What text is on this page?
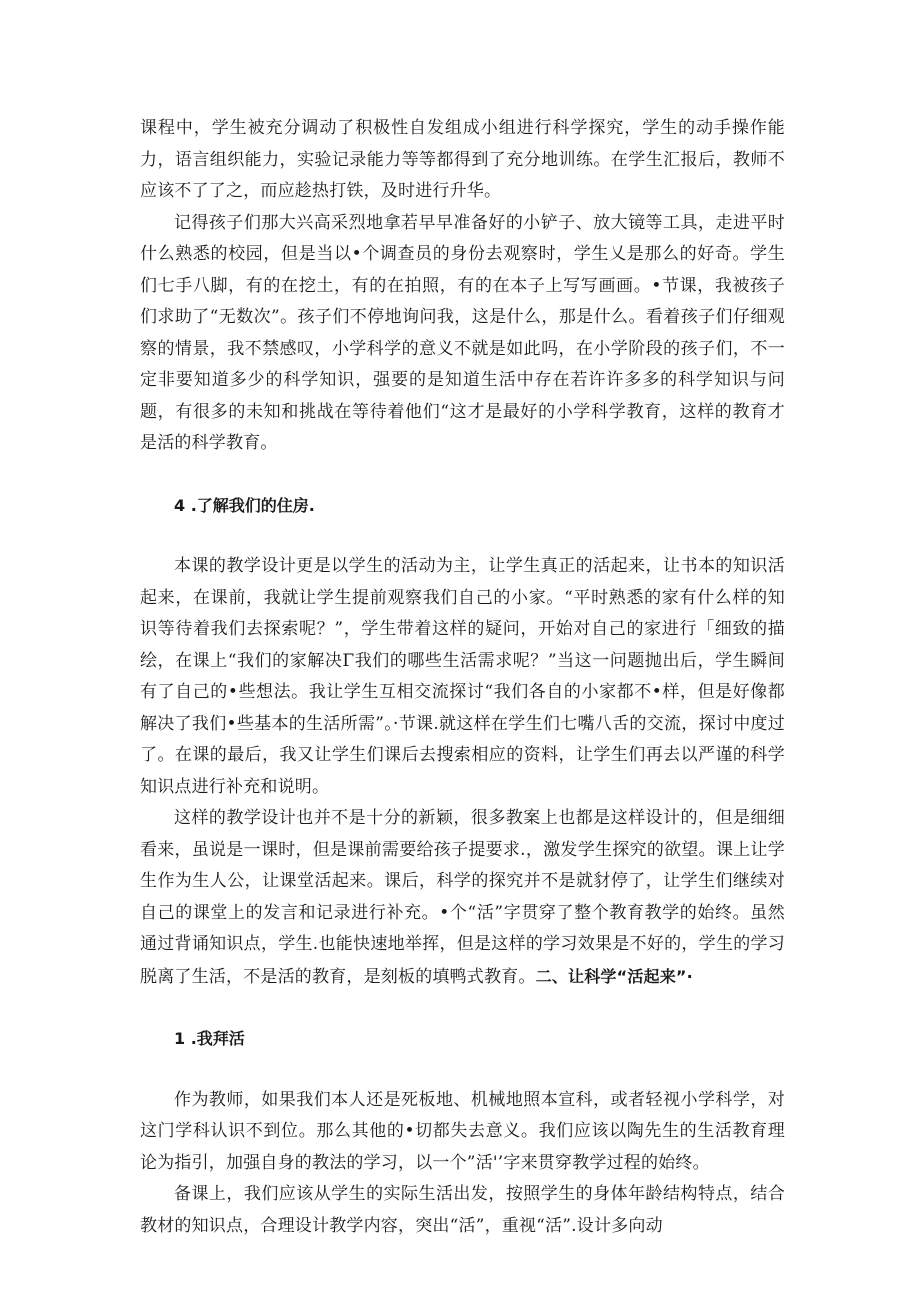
课程中，学生被充分调动了积极性自发组成小组进行科学探究，学生的动手操作能力，语言组织能力，实验记录能力等等都得到了充分地训练。在学生汇报后，教师不应该不了了之，而应趁热打铁，及时进行升华。

记得孩子们那大兴高采烈地拿若早早准备好的小铲子、放大镜等工具，走进平时什么熟悉的校园，但是当以•个调查员的身份去观察时，学生乂是那么的好奇。学生们七手八脚，有的在挖土，有的在拍照，有的在本子上写写画画。•节课，我被孩子们求助了“无数次”。孩子们不停地询问我，这是什么，那是什么。看着孩子们仔细观察的情景，我不禁感叹，小学科学的意义不就是如此吗，在小学阶段的孩子们，不一定非要知道多少的科学知识，强要的是知道生活中存在若许许多多的科学知识与问题，有很多的未知和挑战在等待着他们“这才是最好的小学科学教育，这样的教育才是活的科学教育。

4 .了解我们的住房.

本课的教学设计更是以学生的活动为主，让学生真正的活起来，让书本的知识活起来，在课前，我就让学生提前观察我们自己的小家。“平时熟悉的家有什么样的知识等待着我们去探索呢？”，学生带着这样的疑问，开始对自己的家进行「细致的描绘，在课上“我们的家解决Γ我们的哪些生活需求呢？”当这一问题抛出后，学生瞬间有了自己的•些想法。我让学生互相交流探讨“我们各自的小家都不•样，但是好像都解决了我们•些基本的生活所需”。·节课.就这样在学生们七嘴八舌的交流，探讨中度过了。在课的最后，我又让学生们课后去搜索相应的资料，让学生们再去以严谨的科学知识点进行补充和说明。

这样的教学设计也并不是十分的新颖，很多教案上也都是这样设计的，但是细细看来，虽说是一课时，但是课前需要给孩子提要求.，激发学生探究的欲望。课上让学生作为生人公，让课堂活起来。课后，科学的探究并不是就豺停了，让学生们继续对自己的课堂上的发言和记录进行补充。•个“活”字贯穿了整个教育教学的始终。虽然通过背诵知识点，学生.也能快速地举挥，但是这样的学习效果是不好的，学生的学习脱离了生活，不是活的教育，是刻板的填鸭式教育。二、让科学“活起来”·

1 .我拜活

作为教师，如果我们本人还是死板地、机械地照本宣科，或者轻视小学科学，对这门学科认识不到位。那么其他的•切都失去意义。我们应该以陶先生的生活教育理论为指引，加强自身的教法的学习，以一个”活'’字来贯穿教学过程的始终。

备课上，我们应该从学生的实际生活出发，按照学生的身体年龄结构特点，结合教材的知识点，合理设计教学内容，突出“活”，重视“活”.设计多向动
